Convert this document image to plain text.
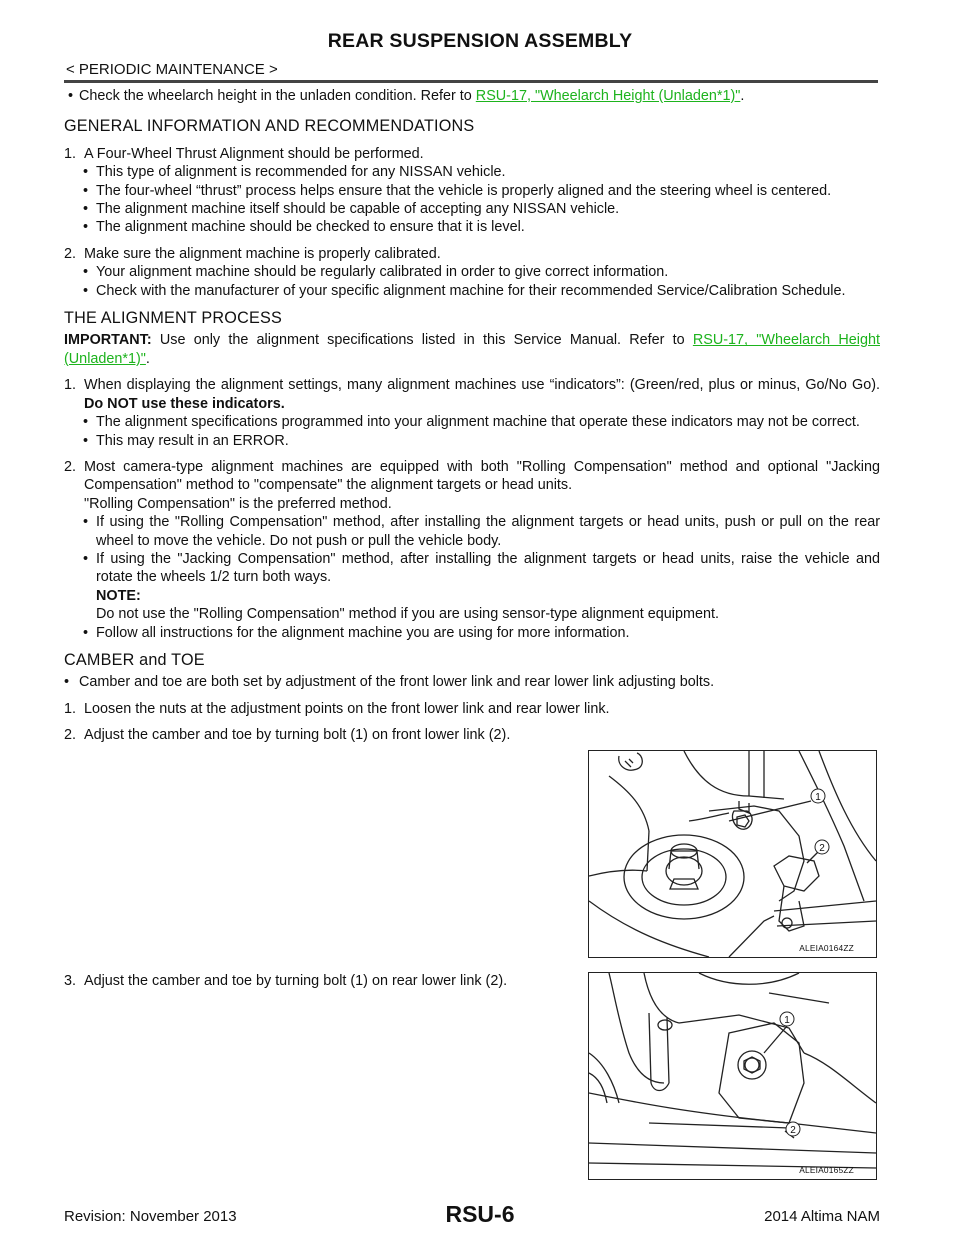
REAR SUSPENSION ASSEMBLY
< PERIODIC MAINTENANCE >
• Check the wheelarch height in the unladen condition. Refer to RSU-17, "Wheelarch Height (Unladen*1)".
GENERAL INFORMATION AND RECOMMENDATIONS
1. A Four-Wheel Thrust Alignment should be performed.
• This type of alignment is recommended for any NISSAN vehicle.
• The four-wheel “thrust” process helps ensure that the vehicle is properly aligned and the steering wheel is centered.
• The alignment machine itself should be capable of accepting any NISSAN vehicle.
• The alignment machine should be checked to ensure that it is level.
2. Make sure the alignment machine is properly calibrated.
• Your alignment machine should be regularly calibrated in order to give correct information.
• Check with the manufacturer of your specific alignment machine for their recommended Service/Calibration Schedule.
THE ALIGNMENT PROCESS
IMPORTANT: Use only the alignment specifications listed in this Service Manual. Refer to RSU-17, "Wheelarch Height (Unladen*1)".
1. When displaying the alignment settings, many alignment machines use “indicators”: (Green/red, plus or minus, Go/No Go). Do NOT use these indicators.
• The alignment specifications programmed into your alignment machine that operate these indicators may not be correct.
• This may result in an ERROR.
2. Most camera-type alignment machines are equipped with both "Rolling Compensation" method and optional "Jacking Compensation" method to "compensate" the alignment targets or head units.
"Rolling Compensation" is the preferred method.
• If using the "Rolling Compensation" method, after installing the alignment targets or head units, push or pull on the rear wheel to move the vehicle. Do not push or pull the vehicle body.
• If using the "Jacking Compensation" method, after installing the alignment targets or head units, raise the vehicle and rotate the wheels 1/2 turn both ways.
NOTE:
Do not use the "Rolling Compensation" method if you are using sensor-type alignment equipment.
• Follow all instructions for the alignment machine you are using for more information.
CAMBER and TOE
• Camber and toe are both set by adjustment of the front lower link and rear lower link adjusting bolts.
1. Loosen the nuts at the adjustment points on the front lower link and rear lower link.
2. Adjust the camber and toe by turning bolt (1) on front lower link (2).
3. Adjust the camber and toe by turning bolt (1) on rear lower link (2).
1
2
ALEIA0164ZZ
1
2
ALEIA0165ZZ
Revision: November 2013	RSU-6	2014 Altima NAM
